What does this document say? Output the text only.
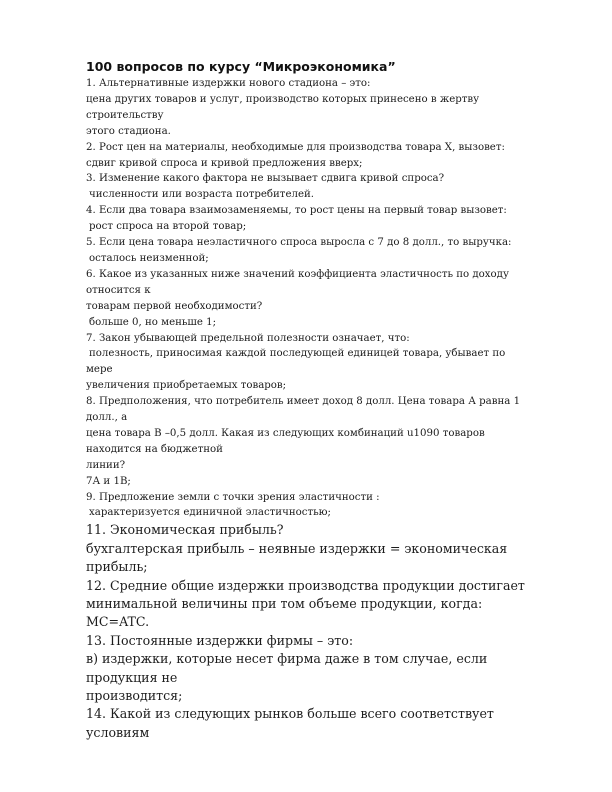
100 вопросов по курсу “Микроэкономика”

1. Альтернативные издержки нового стадиона – это:

цена других товаров и услуг, производство которых принесено в жертву

строительству

этого стадиона.

2. Рост цен на материалы, необходимые для производства товара X, вызовет:

сдвиг кривой спроса и кривой предложения вверх;

3. Изменение какого фактора не вызывает сдвига кривой спроса?

численности или возраста потребителей.

4. Если два товара взаимозаменяемы, то рост цены на первый товар вызовет:

рост спроса на второй товар;

5. Если цена товара неэластичного спроса выросла с 7 до 8 долл., то выручка:

осталось неизменной;

6. Какое из указанных ниже значений коэффициента эластичность по доходу

относится к

товарам первой необходимости?

больше 0, но меньше 1;

7. Закон убывающей предельной полезности означает, что:

полезность, приносимая каждой последующей единицей товара, убывает по

мере

увеличения приобретаемых товаров;

8. Предположения, что потребитель имеет доход 8 долл. Цена товара А равна 1

долл., а

цена товара В –0,5 долл. Какая из следующих комбинаций u1090 товаров

находится на бюджетной

линии?

7А и 1В;

9. Предложение земли с точки зрения эластичности :

характеризуется единичной эластичностью;

11. Экономическая прибыль?

бухгалтерская прибыль – неявные издержки = экономическая

прибыль;

12. Средние общие издержки производства продукции достигает

минимальной величины при том объеме продукции, когда:

MC=ATC.

13. Постоянные издержки фирмы – это:

в) издержки, которые несет фирма даже в том случае, если

продукция не

производится;

14. Какой из следующих рынков больше всего соответствует

условиям
